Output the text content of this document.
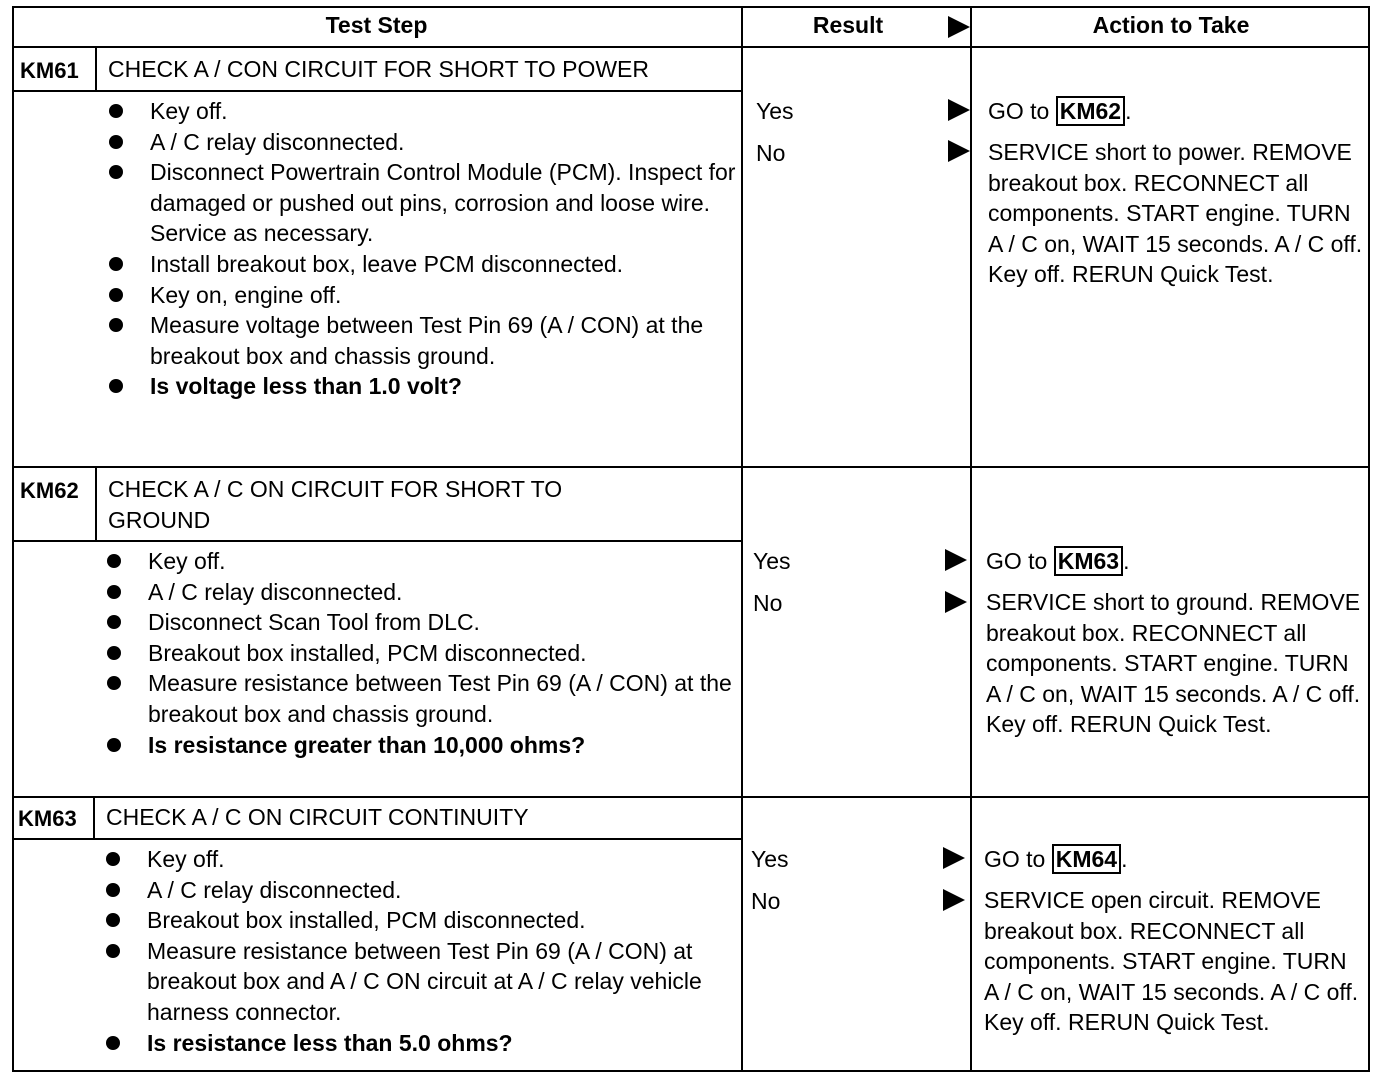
Test Step	Result	Action to Take
KM61 CHECK A / CON CIRCUIT FOR SHORT TO POWER
Key off.
A / C relay disconnected.
Disconnect Powertrain Control Module (PCM). Inspect for damaged or pushed out pins, corrosion and loose wire. Service as necessary.
Install breakout box, leave PCM disconnected.
Key on, engine off.
Measure voltage between Test Pin 69 (A / CON) at the breakout box and chassis ground.
Is voltage less than 1.0 volt?
Yes
No
GO to KM62 .
SERVICE short to power. REMOVE breakout box. RECONNECT all components. START engine. TURN A / C on, WAIT 15 seconds. A / C off. Key off. RERUN Quick Test.
KM62 CHECK A / C ON CIRCUIT FOR SHORT TO GROUND
Key off.
A / C relay disconnected.
Disconnect Scan Tool from DLC.
Breakout box installed, PCM disconnected.
Measure resistance between Test Pin 69 (A / CON) at the breakout box and chassis ground.
Is resistance greater than 10,000 ohms?
Yes
No
GO to KM63 .
SERVICE short to ground. REMOVE breakout box. RECONNECT all components. START engine. TURN A / C on, WAIT 15 seconds. A / C off. Key off. RERUN Quick Test.
KM63 CHECK A / C ON CIRCUIT CONTINUITY
Key off.
A / C relay disconnected.
Breakout box installed, PCM disconnected.
Measure resistance between Test Pin 69 (A / CON) at breakout box and A / C ON circuit at A / C relay vehicle harness connector.
Is resistance less than 5.0 ohms?
Yes
No
GO to KM64 .
SERVICE open circuit. REMOVE breakout box. RECONNECT all components. START engine. TURN A / C on, WAIT 15 seconds. A / C off. Key off. RERUN Quick Test.
